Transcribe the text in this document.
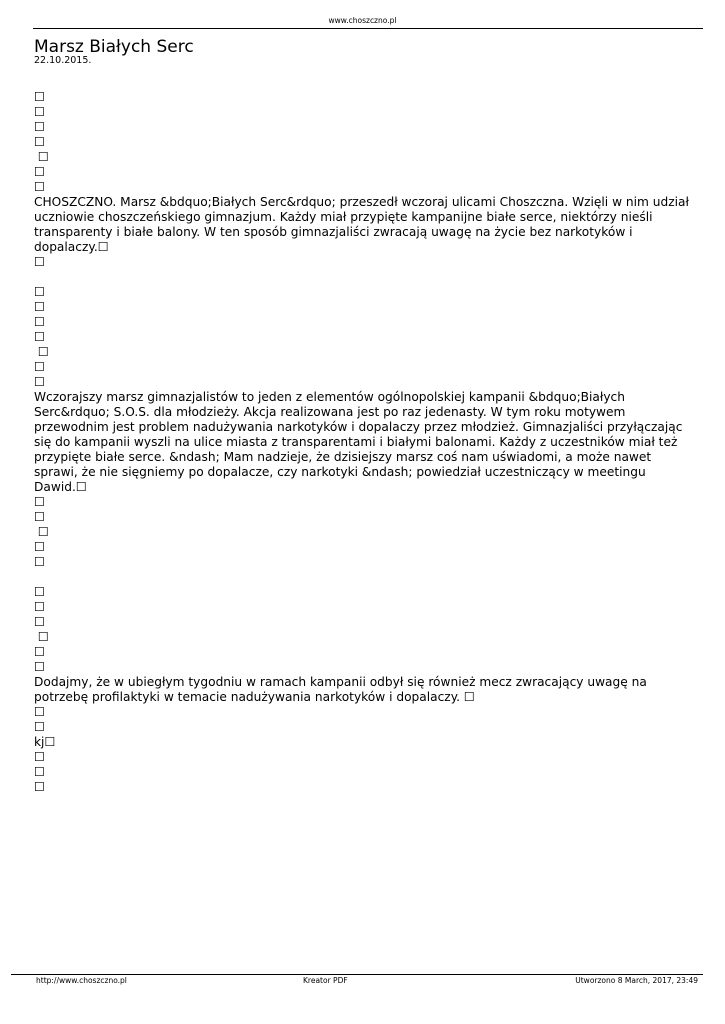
www.choszczno.pl
Marsz Białych Serc
22.10.2015.
☐
☐
☐
☐
☐
☐
☐

CHOSZCZNO. Marsz &bdquo;Białych Serc&rdquo; przeszedł wczoraj ulicami Choszczna. Wzięli w nim udział uczniowie choszczeńskiego gimnazjum. Każdy miał przypięte kampanijne białe serce, niektórzy nieśli transparenty i białe balony. W ten sposób gimnazjaliści zwracają uwagę na życie bez narkotyków i dopalaczy.☐

☐
☐
☐
☐
☐
☐
☐
☐

Wczorajszy marsz gimnazjalistów to jeden z elementów ogólnopolskiej kampanii &bdquo;Białych Serc&rdquo; S.O.S. dla młodzieży. Akcja realizowana jest po raz jedenasty. W tym roku motywem przewodnim jest problem nadużywania narkotyków i dopalaczy przez młodzież. Gimnazjaliści przyłączając się do kampanii wyszli na ulice miasta z transparentami i białymi balonami. Każdy z uczestników miał też przypięte białe serce. &ndash; Mam nadzieje, że dzisiejszy marsz coś nam uświadomi, a może nawet sprawi, że nie sięgniemy po dopalacze, czy narkotyki &ndash; powiedział uczestniczący w meetingu Dawid.☐

☐
☐
☐
☐
☐
☐
☐
☐
☐
☐
☐

Dodajmy, że w ubiegłym tygodniu w ramach kampanii odbył się również mecz zwracający uwagę na potrzebę profilaktyki w temacie nadużywania narkotyków i dopalaczy. ☐

☐
☐
kj☐
☐
☐
☐
http://www.choszczno.pl	Kreator PDF	Utworzono 8 March, 2017, 23:49
